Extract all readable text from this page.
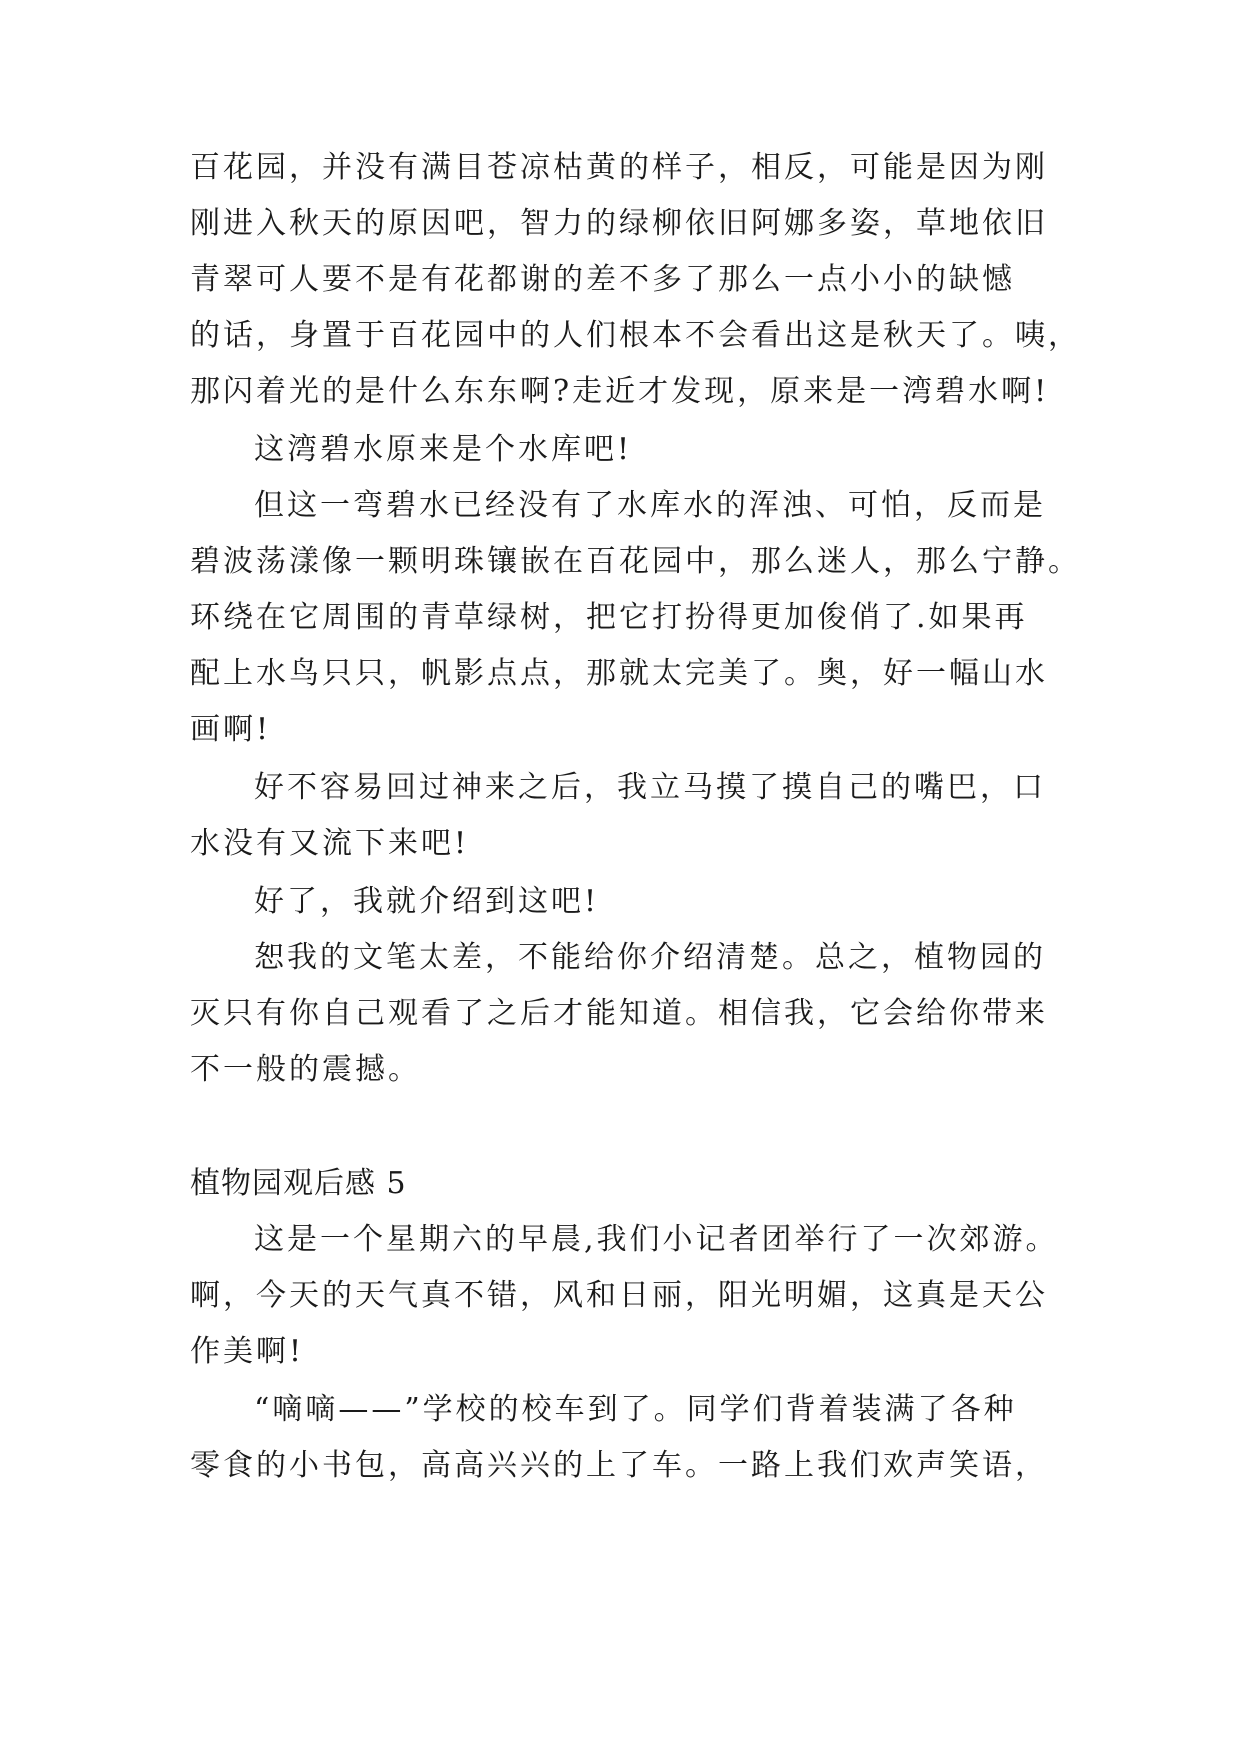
百花园，并没有满目苍凉枯黄的样子，相反，可能是因为刚
刚进入秋天的原因吧，智力的绿柳依旧阿娜多姿，草地依旧
青翠可人要不是有花都谢的差不多了那么一点小小的缺憾
的话，身置于百花园中的人们根本不会看出这是秋天了。咦，
那闪着光的是什么东东啊?走近才发现，原来是一湾碧水啊!
这湾碧水原来是个水库吧!
但这一弯碧水已经没有了水库水的浑浊、可怕，反而是
碧波荡漾像一颗明珠镶嵌在百花园中，那么迷人，那么宁静。
环绕在它周围的青草绿树，把它打扮得更加俊俏了.如果再
配上水鸟只只，帆影点点，那就太完美了。奥，好一幅山水
画啊!
好不容易回过神来之后，我立马摸了摸自己的嘴巴，口
水没有又流下来吧!
好了，我就介绍到这吧!
恕我的文笔太差，不能给你介绍清楚。总之，植物园的
灭只有你自己观看了之后才能知道。相信我，它会给你带来
不一般的震撼。
植物园观后感 5
这是一个星期六的早晨,我们小记者团举行了一次郊游。
啊，今天的天气真不错，风和日丽，阳光明媚，这真是天公
作美啊!
“嘀嘀——”学校的校车到了。同学们背着装满了各种
零食的小书包，高高兴兴的上了车。一路上我们欢声笑语，
